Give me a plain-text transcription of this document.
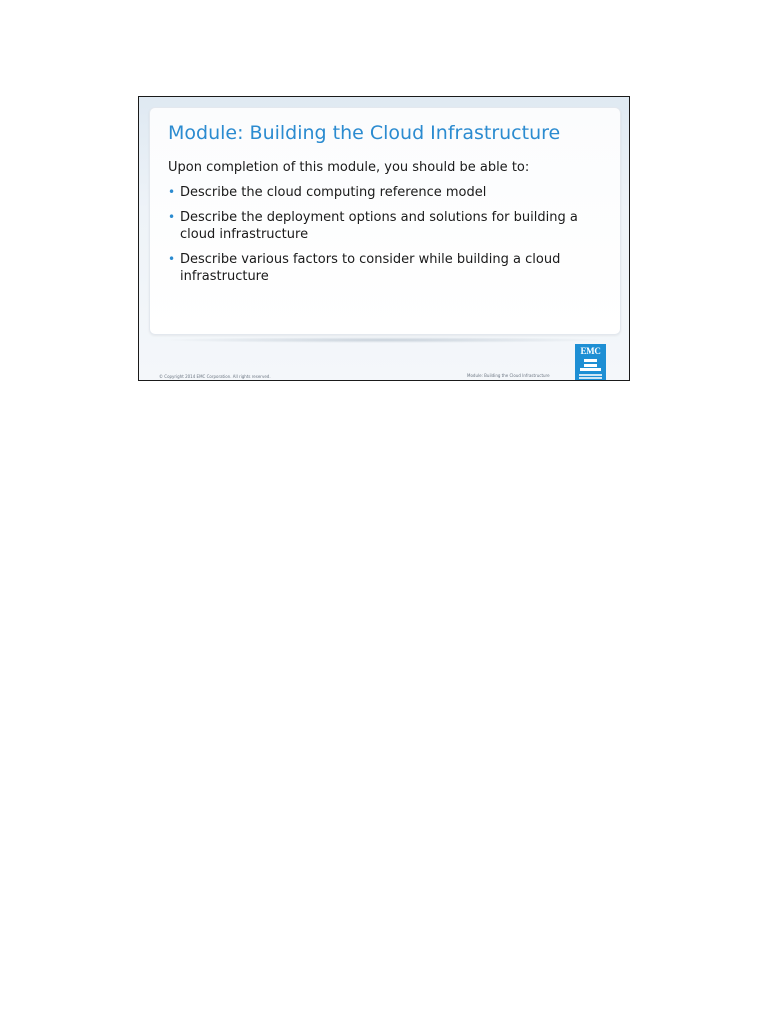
Module: Building the Cloud Infrastructure
Upon completion of this module, you should be able to:
• Describe the cloud computing reference model
• Describe the deployment options and solutions for building a cloud infrastructure
• Describe various factors to consider while building a cloud infrastructure
© Copyright 2014 EMC Corporation. All rights reserved.	Module: Building the Cloud Infrastructure
EMC
